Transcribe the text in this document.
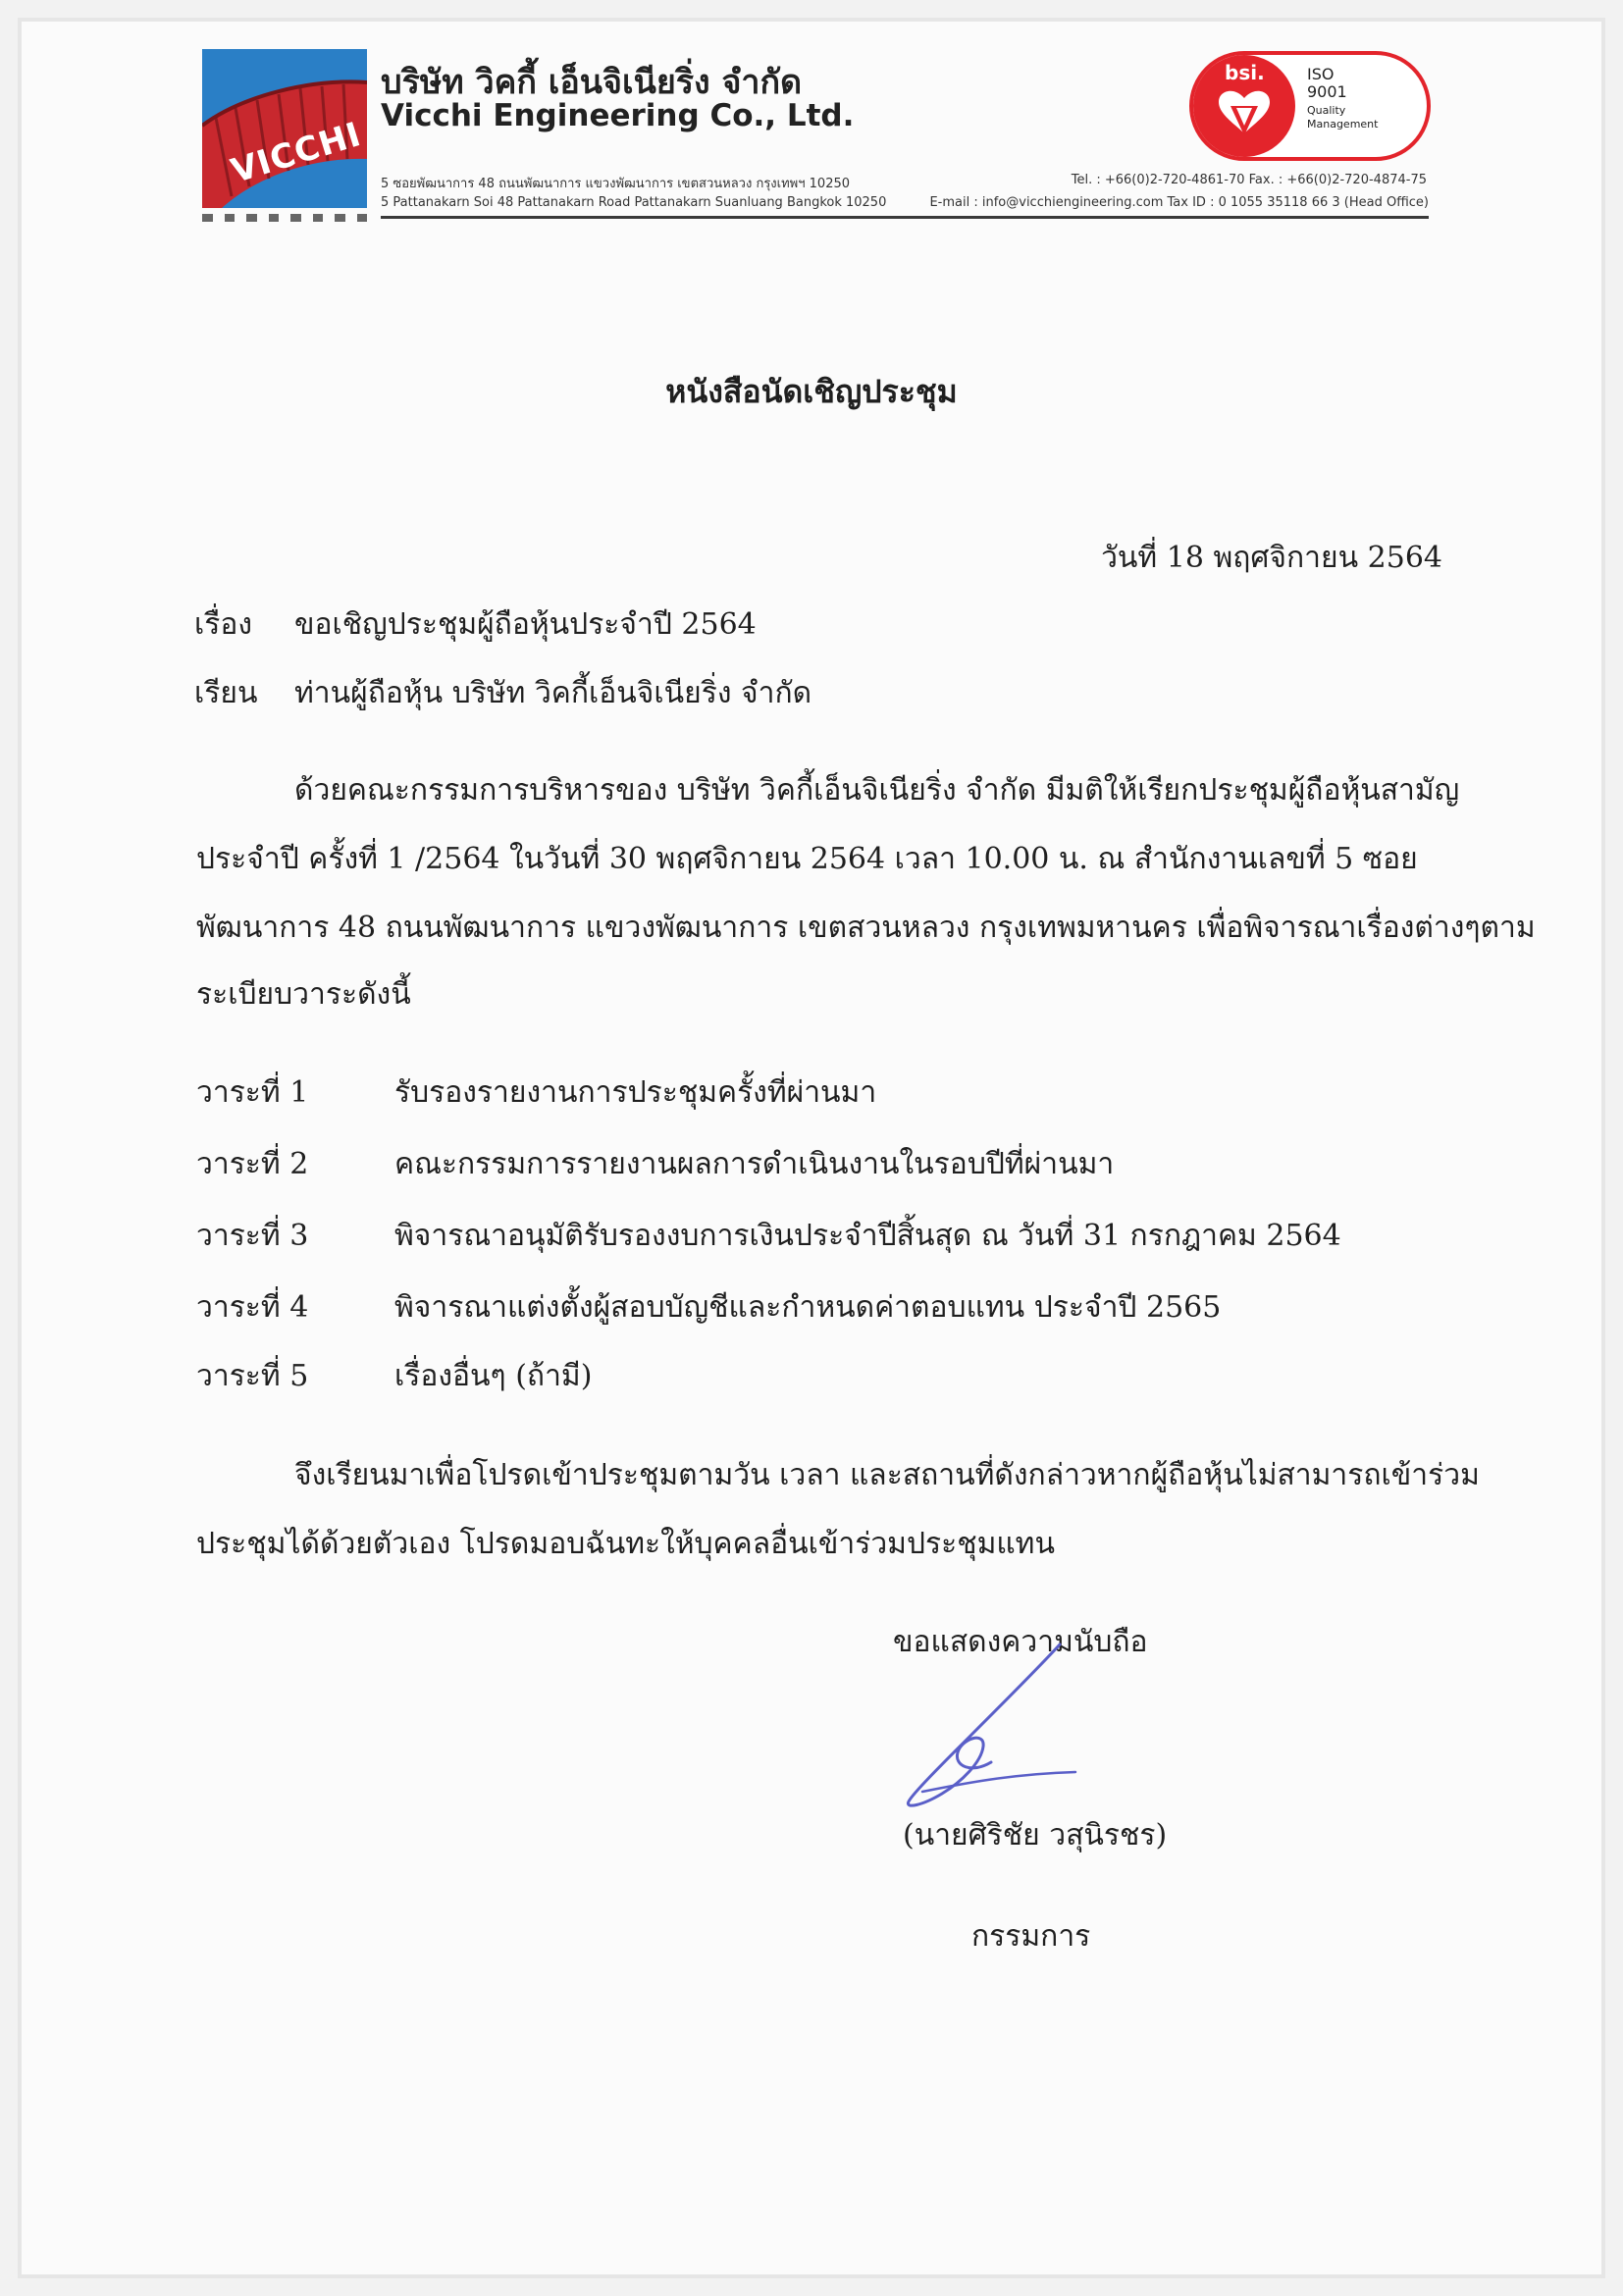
VICCHI
บริษัท วิคกี้ เอ็นจิเนียริ่ง จำกัด
Vicchi Engineering Co., Ltd.
5 ซอยพัฒนาการ 48 ถนนพัฒนาการ แขวงพัฒนาการ เขตสวนหลวง กรุงเทพฯ 10250
5 Pattanakarn Soi 48 Pattanakarn Road Pattanakarn Suanluang Bangkok 10250
Tel. : +66(0)2-720-4861-70 Fax. : +66(0)2-720-4874-75
E-mail : info@vicchiengineering.com Tax ID : 0 1055 35118 66 3 (Head Office)
bsi.	ISO
9001
Quality
Management
หนังสือนัดเชิญประชุม
วันที่ 18 พฤศจิกายน 2564
เรื่อง ขอเชิญประชุมผู้ถือหุ้นประจำปี 2564
เรียน ท่านผู้ถือหุ้น บริษัท วิคกี้เอ็นจิเนียริ่ง จำกัด
ด้วยคณะกรรมการบริหารของ บริษัท วิคกี้เอ็นจิเนียริ่ง จำกัด มีมติให้เรียกประชุมผู้ถือหุ้นสามัญ
ประจำปี ครั้งที่ 1 /2564 ในวันที่ 30 พฤศจิกายน 2564 เวลา 10.00 น. ณ สำนักงานเลขที่ 5 ซอย
พัฒนาการ 48 ถนนพัฒนาการ แขวงพัฒนาการ เขตสวนหลวง กรุงเทพมหานคร เพื่อพิจารณาเรื่องต่างๆตาม
ระเบียบวาระดังนี้
วาระที่ 1	รับรองรายงานการประชุมครั้งที่ผ่านมา
วาระที่ 2	คณะกรรมการรายงานผลการดำเนินงานในรอบปีที่ผ่านมา
วาระที่ 3	พิจารณาอนุมัติรับรองงบการเงินประจำปีสิ้นสุด ณ วันที่ 31 กรกฎาคม 2564
วาระที่ 4	พิจารณาแต่งตั้งผู้สอบบัญชีและกำหนดค่าตอบแทน ประจำปี 2565
วาระที่ 5	เรื่องอื่นๆ (ถ้ามี)
จึงเรียนมาเพื่อโปรดเข้าประชุมตามวัน เวลา และสถานที่ดังกล่าวหากผู้ถือหุ้นไม่สามารถเข้าร่วม
ประชุมได้ด้วยตัวเอง โปรดมอบฉันทะให้บุคคลอื่นเข้าร่วมประชุมแทน
ขอแสดงความนับถือ
(นายศิริชัย วสุนิรชร)
กรรมการ
